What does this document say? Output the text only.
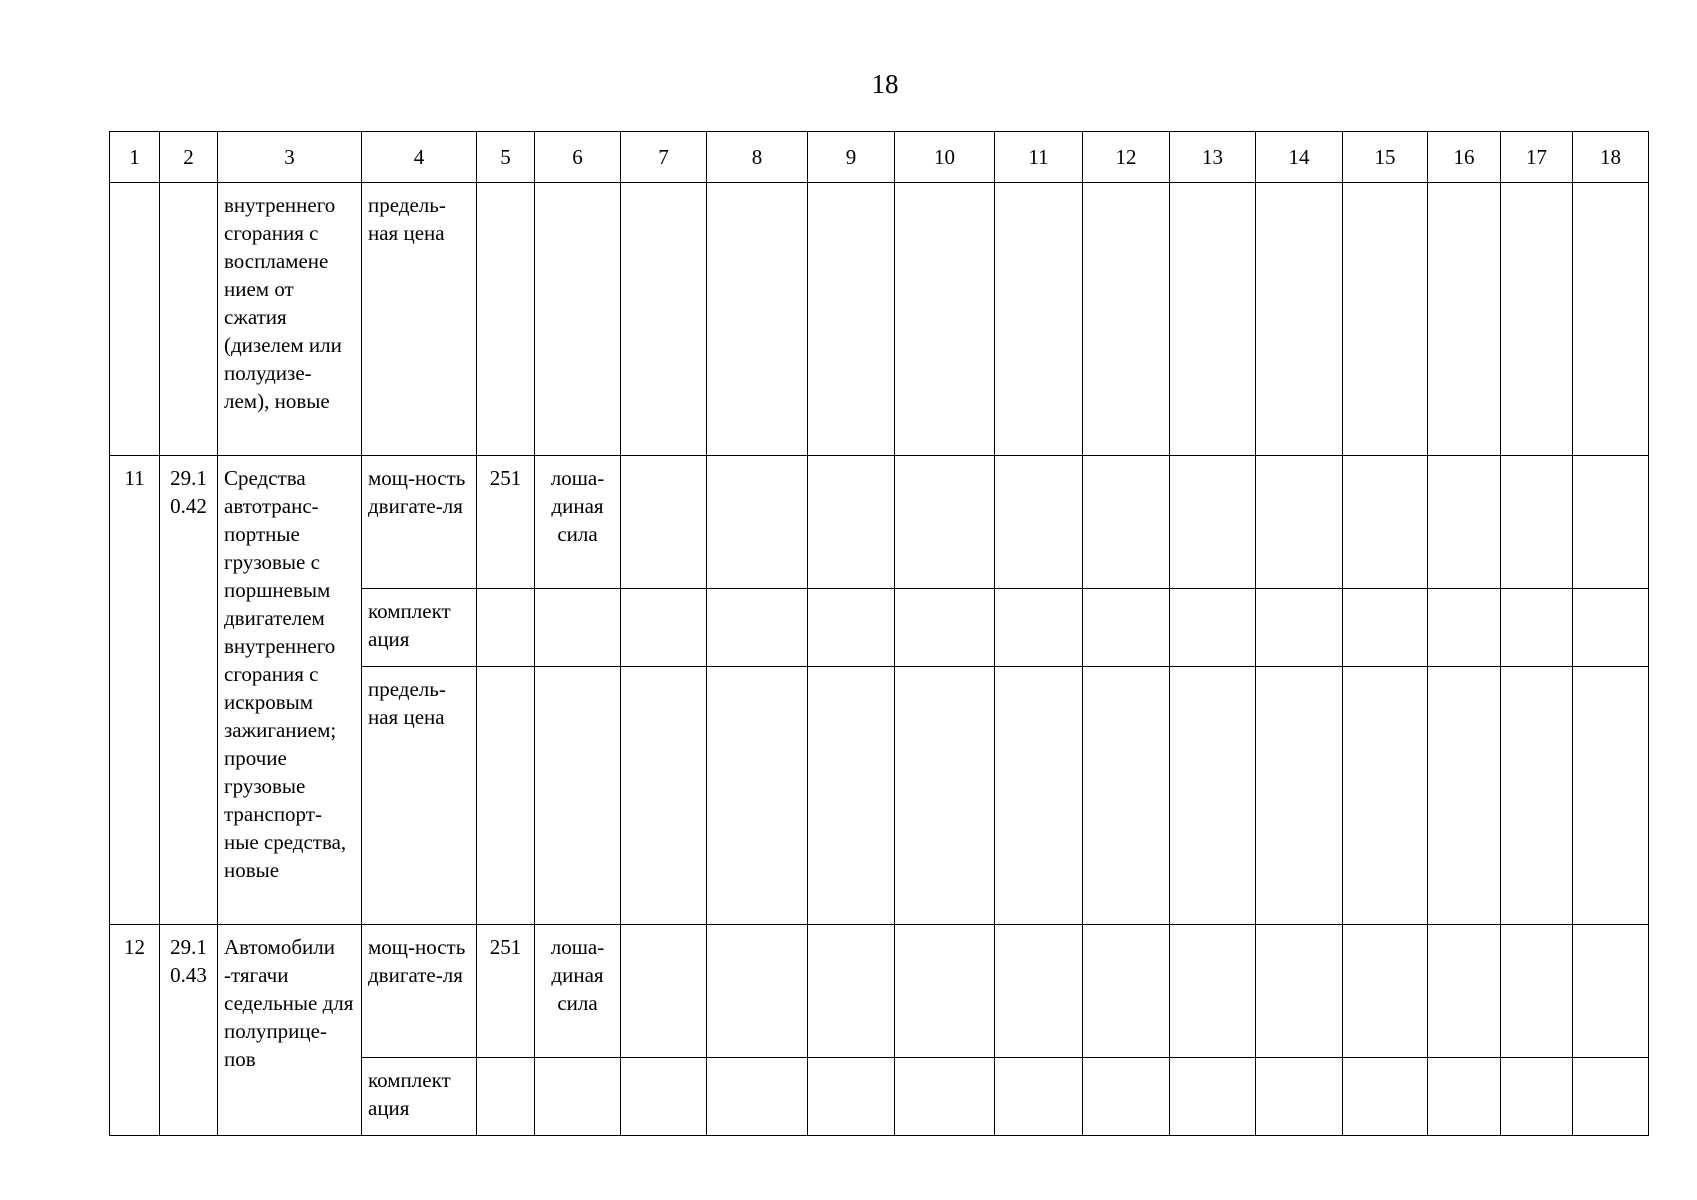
18
1	2	3	4	5	6	7	8	9	10	11	12	13	14	15	16	17	18

		внутреннего сгорания с воспламене нием от сжатия (дизелем или полудизе-лем), новые	предель-ная цена														

11	29.1 0.42	Средства автотранс-портные грузовые с поршневым двигателем внутреннего сгорания с искровым зажиганием; прочие грузовые транспорт-ные средства, новые	мощ-ность двигате-ля	251	лоша-диная сила												

			комплект ация														

			предель-ная цена														

12	29.1 0.43	Автомобили -тягачи седельные для полуприце-пов	мощ-ность двигате-ля	251	лоша-диная сила												

			комплект ация														
